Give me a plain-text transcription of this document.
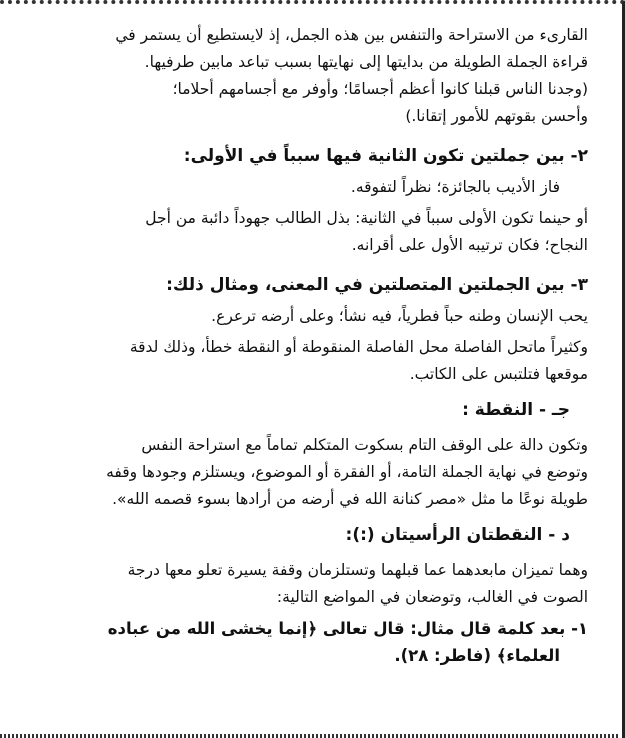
القارىء من الاستراحة والتنفس بين هذه الجمل، إذ لايستطيع أن يستمر في

قراءة الجملة الطويلة من بدايتها إلى نهايتها بسبب تباعد مابين طرفيها.

(وجدنا الناس قبلنا كانوا أعظم أجسامًا؛ وأوفر مع أجسامهم أحلاما؛

وأحسن بقوتهم للأمور إتقانا.)

٢- بين جملتين تكون الثانية فيها سبباً في الأولى:

فاز الأديب بالجائزة؛ نظراً لتفوقه.

أو حينما تكون الأولى سبباً في الثانية: بذل الطالب جهوداً دائبة من أجل

النجاح؛ فكان ترتيبه الأول على أقرانه.

٣- بين الجملتين المتصلتين في المعنى، ومثال ذلك:

يحب الإنسان وطنه حباً فطرياً، فيه نشأ؛ وعلى أرضه ترعرع.

وكثيراً ماتحل الفاصلة محل الفاصلة المنقوطة أو النقطة خطأ، وذلك لدقة

موقعها فتلتبس على الكاتب.

جـ - النقطة :

وتكون دالة على الوقف التام بسكوت المتكلم تماماً مع استراحة النفس

وتوضع في نهاية الجملة التامة، أو الفقرة أو الموضوع، ويستلزم وجودها وقفه

طويلة نوعًا ما مثل «مصر كنانة الله في أرضه من أرادها بسوء قصمه الله».

د - النقطتان الرأسيتان (:):

وهما تميزان مابعدهما عما قبلهما وتستلزمان وقفة يسيرة تعلو معها درجة

الصوت في الغالب، وتوضعان في المواضع التالية:

١- بعد كلمة قال مثال: قال تعالى ﴿إنما يخشى الله من عباده

العلماء﴾ (فاطر: ٢٨).
